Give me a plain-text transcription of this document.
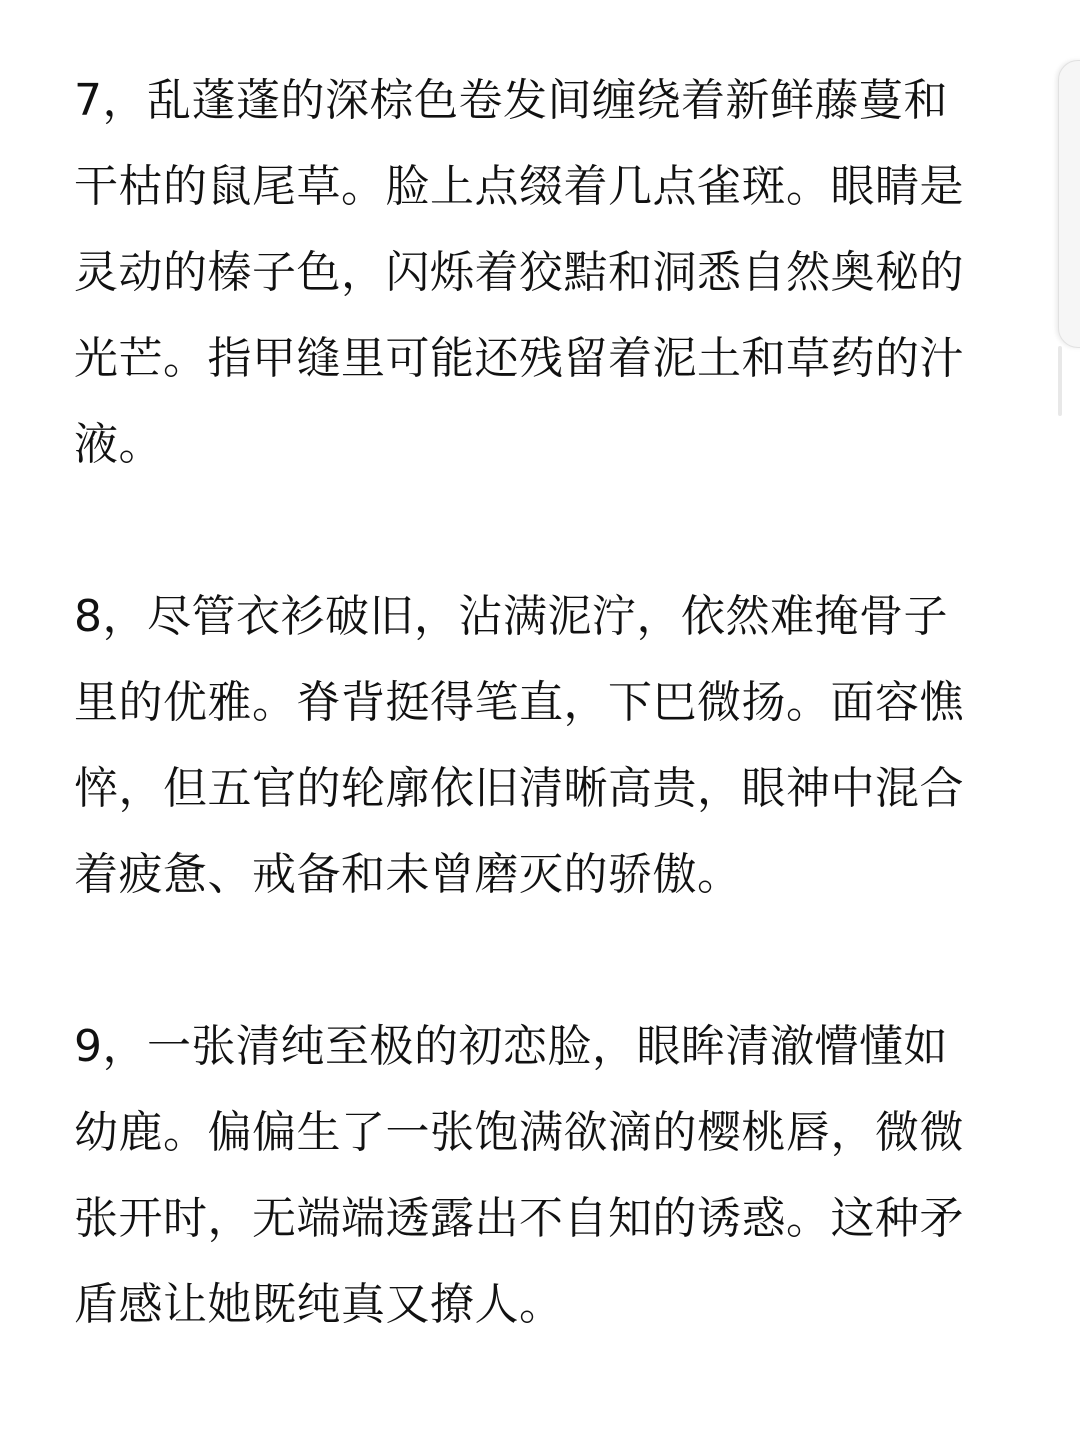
7，乱蓬蓬的深棕色卷发间缠绕着新鲜藤蔓和干枯的鼠尾草。脸上点缀着几点雀斑。眼睛是灵动的榛子色，闪烁着狡黠和洞悉自然奥秘的光芒。指甲缝里可能还残留着泥土和草药的汁液。

8，尽管衣衫破旧，沾满泥泞，依然难掩骨子里的优雅。脊背挺得笔直，下巴微扬。面容憔悴，但五官的轮廓依旧清晰高贵，眼神中混合着疲惫、戒备和未曾磨灭的骄傲。

9，一张清纯至极的初恋脸，眼眸清澈懵懂如幼鹿。偏偏生了一张饱满欲滴的樱桃唇，微微张开时，无端端透露出不自知的诱惑。这种矛盾感让她既纯真又撩人。
